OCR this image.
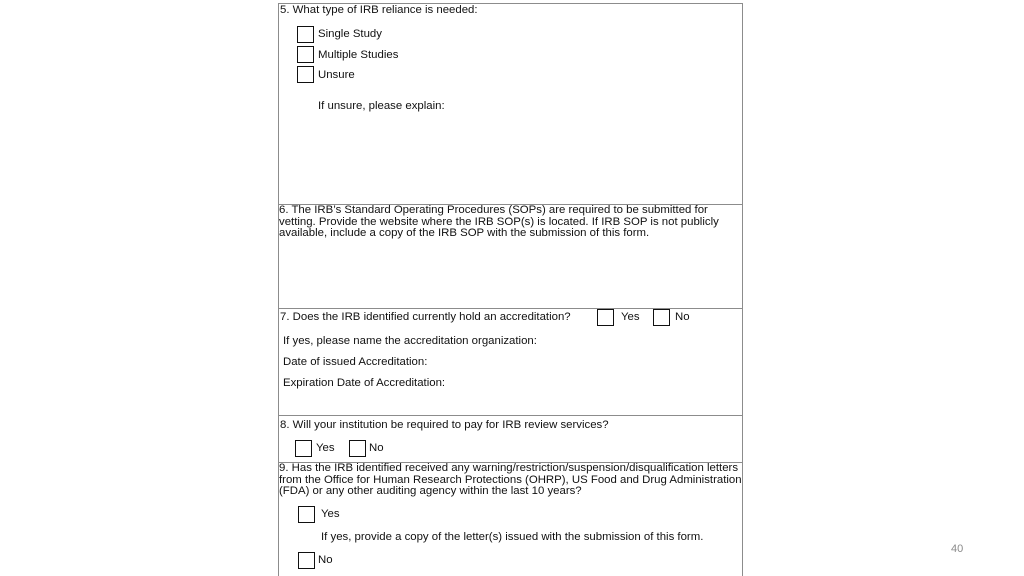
5. What type of IRB reliance is needed:
Single Study
Multiple Studies
Unsure
If unsure, please explain:
6. The IRB’s Standard Operating Procedures (SOPs) are required to be submitted for vetting. Provide the website where the IRB SOP(s) is located. If IRB SOP is not publicly available, include a copy of the IRB SOP with the submission of this form.
7. Does the IRB identified currently hold an accreditation?	Yes	No
If yes, please name the accreditation organization:
Date of issued Accreditation:
Expiration Date of Accreditation:
8. Will your institution be required to pay for IRB review services?
Yes	No
9. Has the IRB identified received any warning/restriction/suspension/disqualification letters from the Office for Human Research Protections (OHRP), US Food and Drug Administration (FDA) or any other auditing agency within the last 10 years?
Yes
If yes, provide a copy of the letter(s) issued with the submission of this form.
No
40
